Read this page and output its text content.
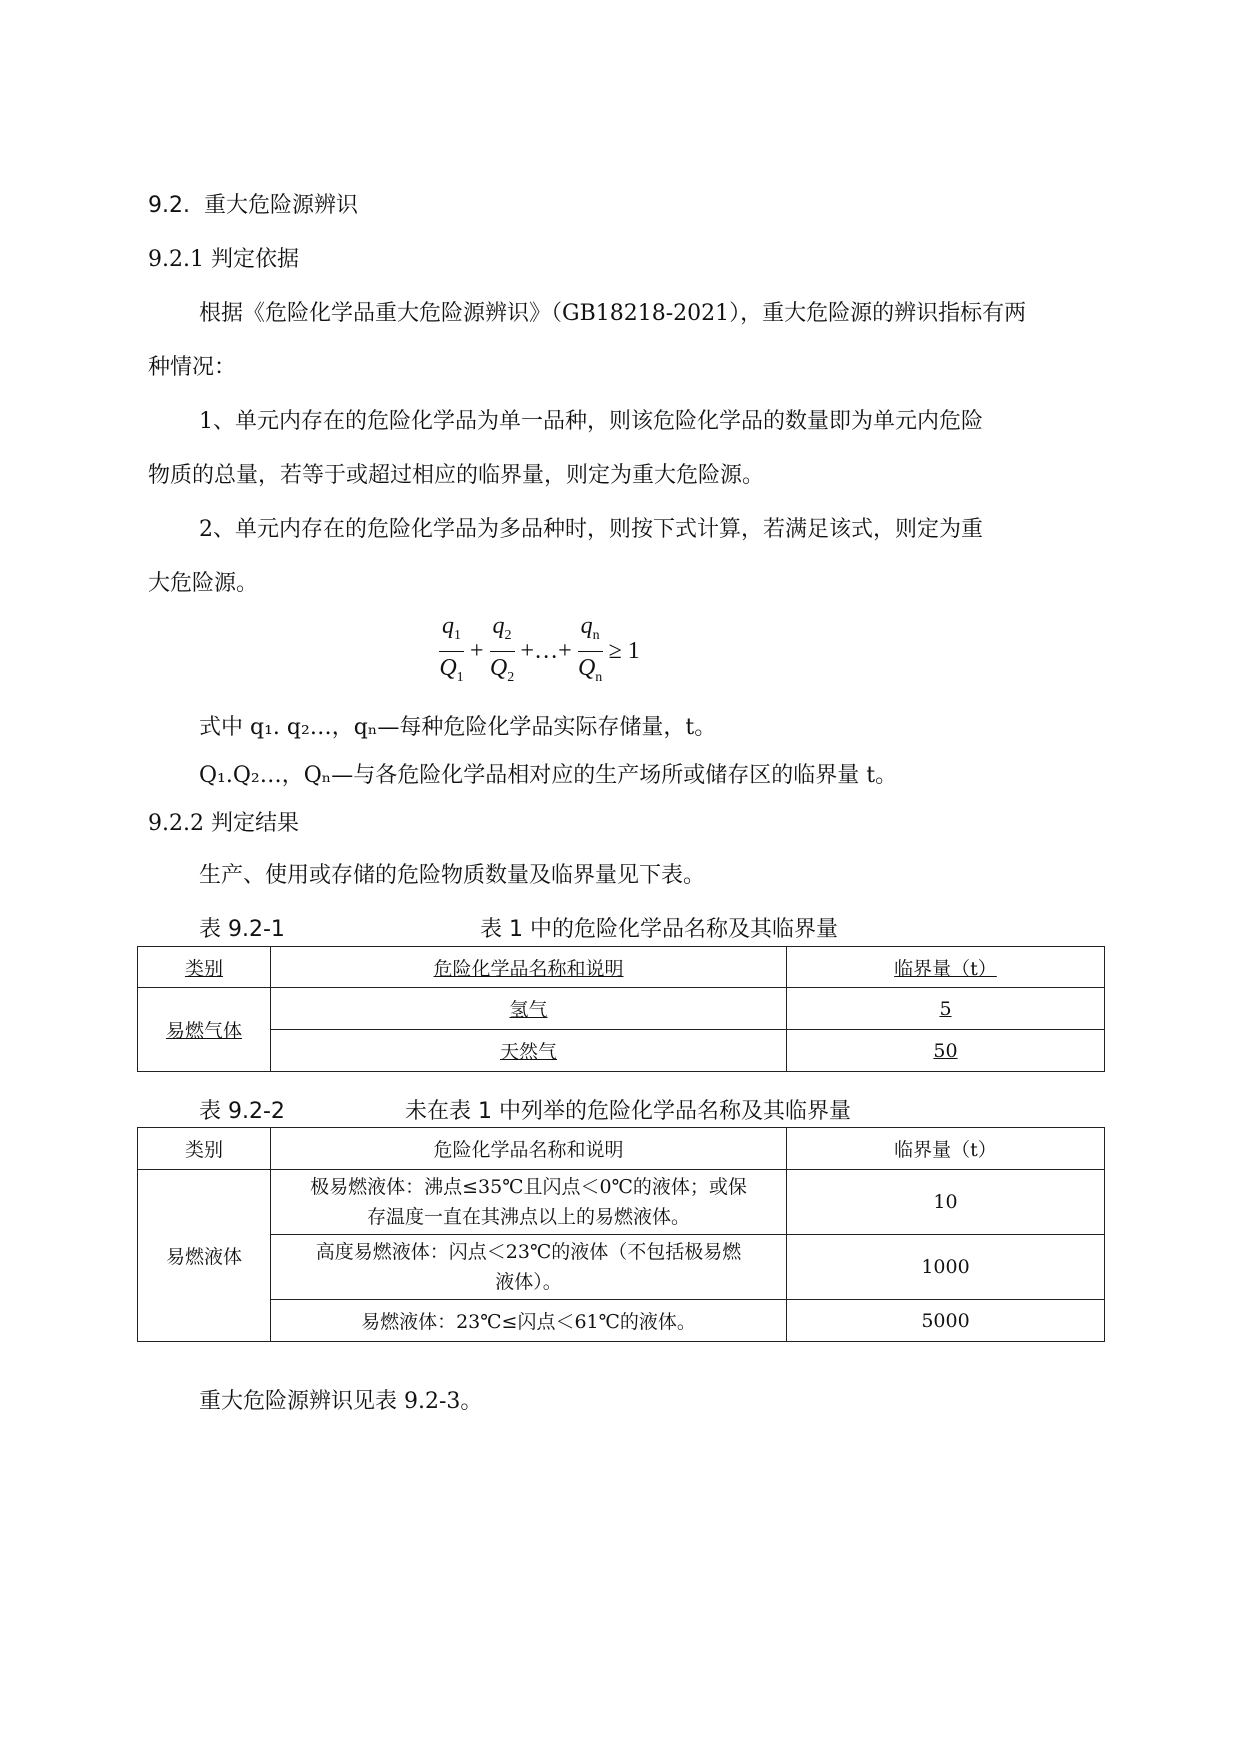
9.2. 重大危险源辨识
9.2.1 判定依据
根据《危险化学品重大危险源辨识》（GB18218-2021），重大危险源的辨识指标有两
种情况：
1、单元内存在的危险化学品为单一品种，则该危险化学品的数量即为单元内危险
物质的总量，若等于或超过相应的临界量，则定为重大危险源。
2、单元内存在的危险化学品为多品种时，则按下式计算，若满足该式，则定为重
大危险源。
$\frac{q_1}{Q_1} + \frac{q_2}{Q_2}$ +…+ $\frac{q_n}{Q_n} \ge 1$
式中 q₁. q₂…，qₙ—每种危险化学品实际存储量，t。
Q₁.Q₂…，Qₙ—与各危险化学品相对应的生产场所或储存区的临界量 t。
9.2.2 判定结果
生产、使用或存储的危险物质数量及临界量见下表。
表 9.2-1	表 1 中的危险化学品名称及其临界量
类别	危险化学品名称和说明	临界量（t）
易燃气体	氢气	5
	天然气	50
表 9.2-2	未在表 1 中列举的危险化学品名称及其临界量
类别	危险化学品名称和说明	临界量（t）
易燃液体	极易燃液体：沸点≤35℃且闪点＜0℃的液体；或保
存温度一直在其沸点以上的易燃液体。	10

	高度易燃液体：闪点＜23℃的液体（不包括极易燃
液体）。	1000
	易燃液体：23℃≤闪点＜61℃的液体。	5000
重大危险源辨识见表 9.2-3。
